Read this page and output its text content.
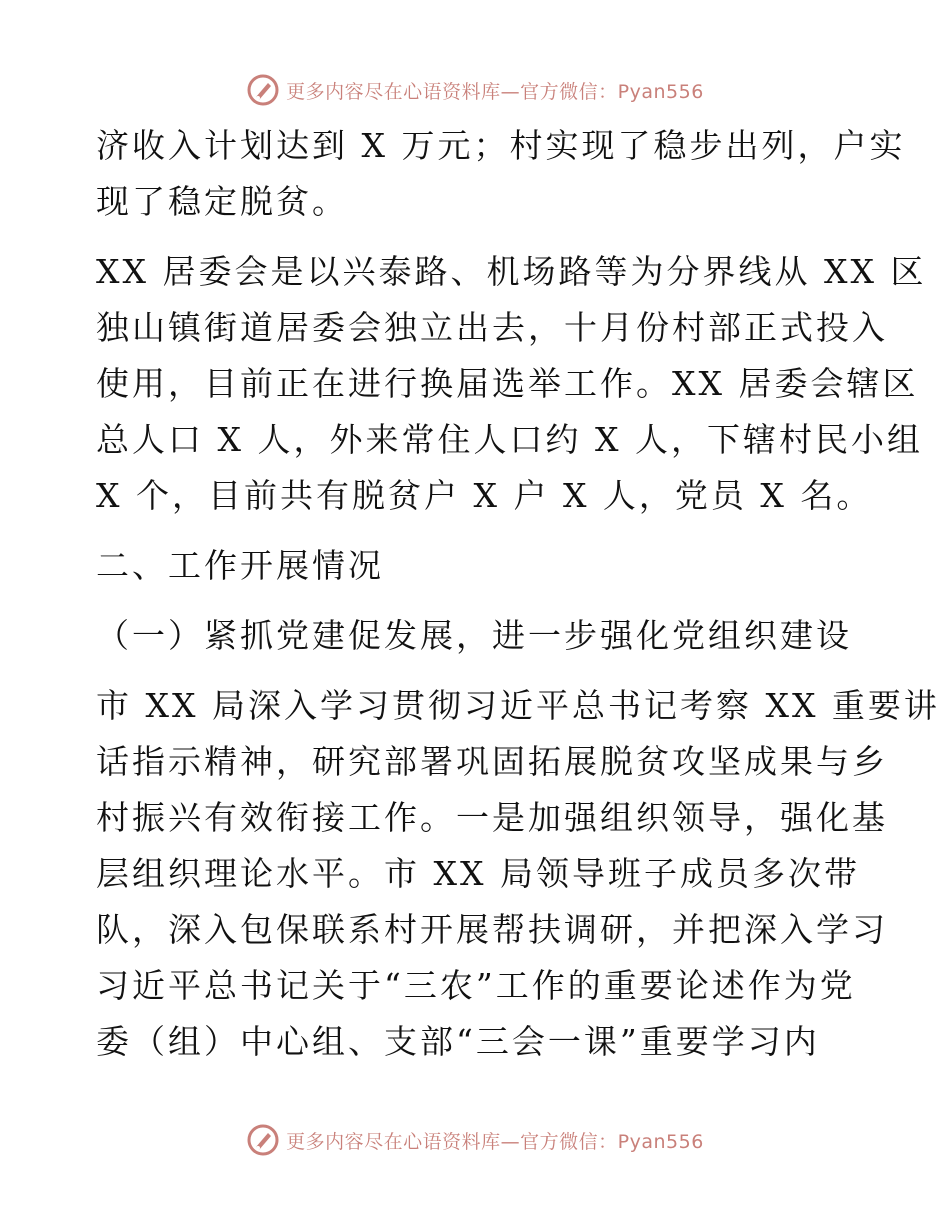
更多内容尽在心语资料库—官方微信：Pyan556

济收入计划达到 X 万元；村实现了稳步出列，户实
现了稳定脱贫。

XX 居委会是以兴泰路、机场路等为分界线从 XX 区
独山镇街道居委会独立出去，十月份村部正式投入
使用，目前正在进行换届选举工作。XX 居委会辖区
总人口 X 人，外来常住人口约 X 人，下辖村民小组
X 个，目前共有脱贫户 X 户 X 人，党员 X 名。

二、工作开展情况

（一）紧抓党建促发展，进一步强化党组织建设

市 XX 局深入学习贯彻习近平总书记考察 XX 重要讲
话指示精神，研究部署巩固拓展脱贫攻坚成果与乡
村振兴有效衔接工作。一是加强组织领导，强化基
层组织理论水平。市 XX 局领导班子成员多次带
队，深入包保联系村开展帮扶调研，并把深入学习
习近平总书记关于“三农”工作的重要论述作为党
委（组）中心组、支部“三会一课”重要学习内

更多内容尽在心语资料库—官方微信：Pyan556
